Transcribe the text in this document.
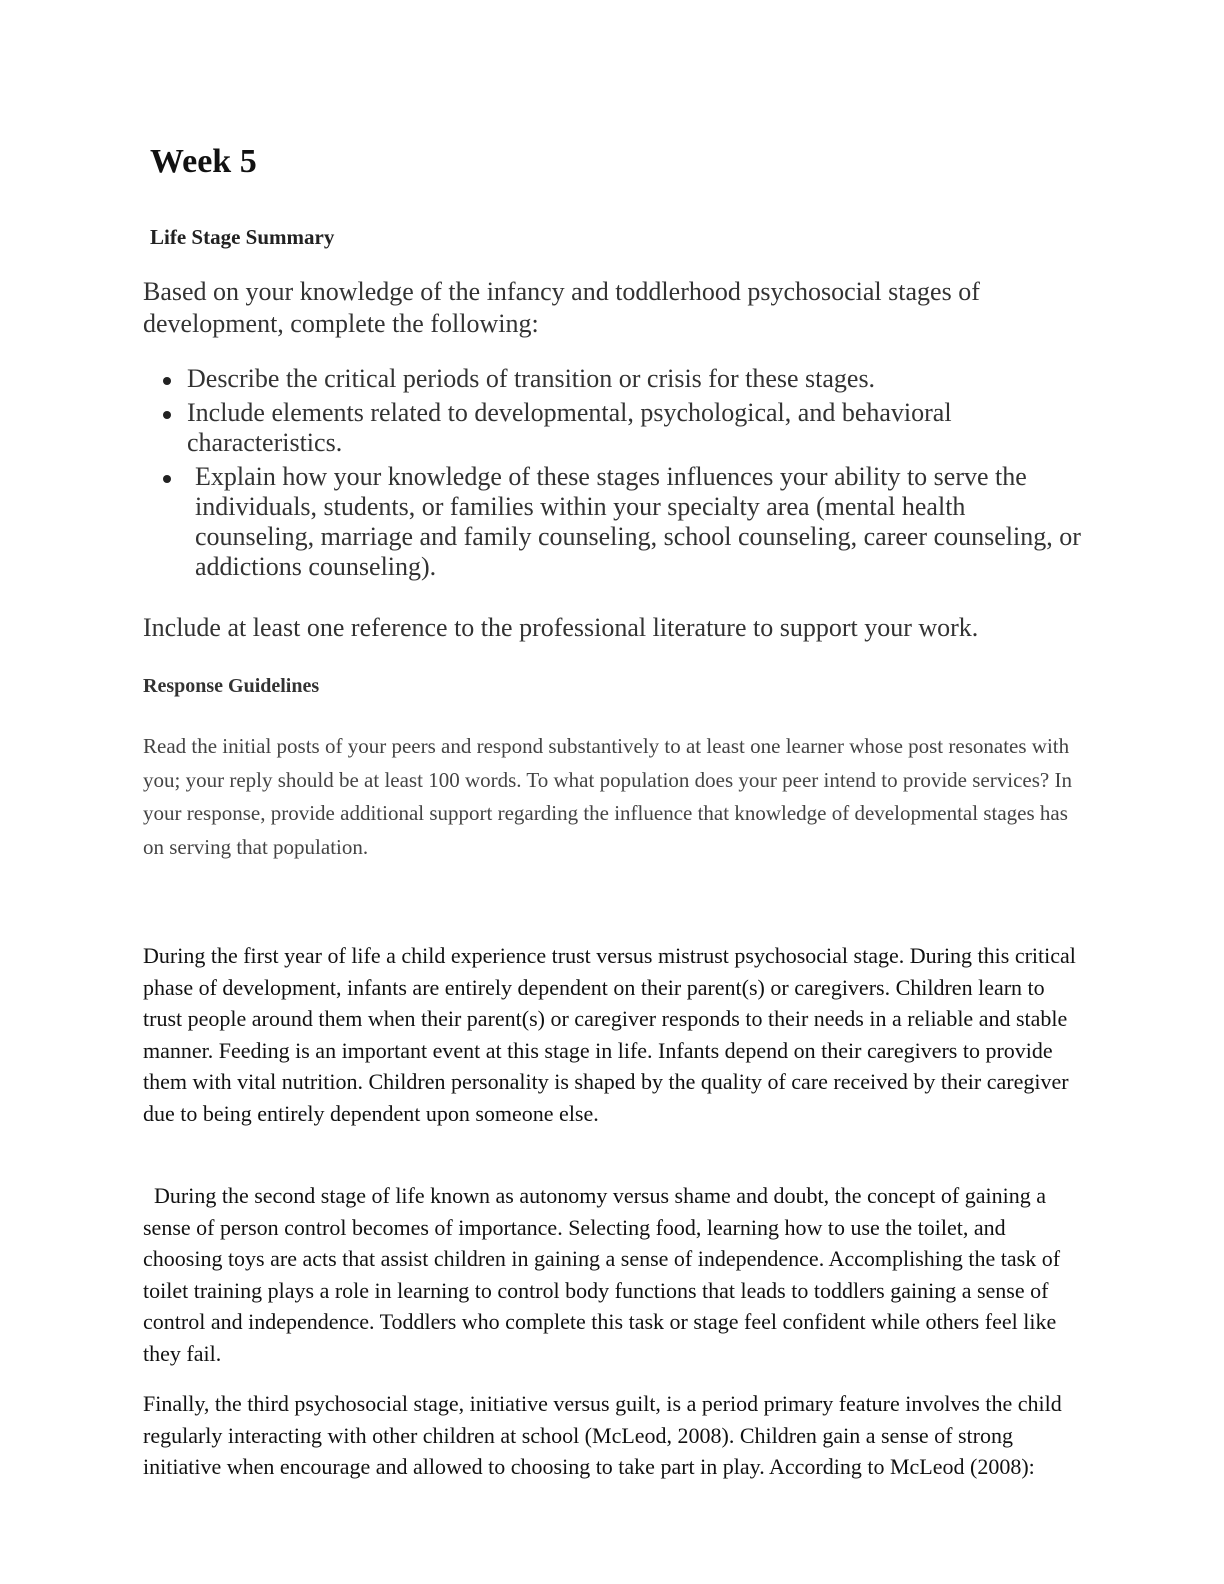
Week 5
Life Stage Summary

Based on your knowledge of the infancy and toddlerhood psychosocial stages of development, complete the following:

Describe the critical periods of transition or crisis for these stages.
Include elements related to developmental, psychological, and behavioral characteristics.
Explain how your knowledge of these stages influences your ability to serve the individuals, students, or families within your specialty area (mental health counseling, marriage and family counseling, school counseling, career counseling, or addictions counseling).

Include at least one reference to the professional literature to support your work.

Response Guidelines

Read the initial posts of your peers and respond substantively to at least one learner whose post resonates with you; your reply should be at least 100 words. To what population does your peer intend to provide services? In your response, provide additional support regarding the influence that knowledge of developmental stages has on serving that population.

During the first year of life a child experience trust versus mistrust psychosocial stage. During this critical phase of development, infants are entirely dependent on their parent(s) or caregivers. Children learn to trust people around them when their parent(s) or caregiver responds to their needs in a reliable and stable manner. Feeding is an important event at this stage in life. Infants depend on their caregivers to provide them with vital nutrition. Children personality is shaped by the quality of care received by their caregiver due to being entirely dependent upon someone else.

During the second stage of life known as autonomy versus shame and doubt, the concept of gaining a sense of person control becomes of importance. Selecting food, learning how to use the toilet, and choosing toys are acts that assist children in gaining a sense of independence. Accomplishing the task of toilet training plays a role in learning to control body functions that leads to toddlers gaining a sense of control and independence. Toddlers who complete this task or stage feel confident while others feel like they fail.

Finally, the third psychosocial stage, initiative versus guilt, is a period primary feature involves the child regularly interacting with other children at school (McLeod, 2008). Children gain a sense of strong initiative when encourage and allowed to choosing to take part in play. According to McLeod (2008):
